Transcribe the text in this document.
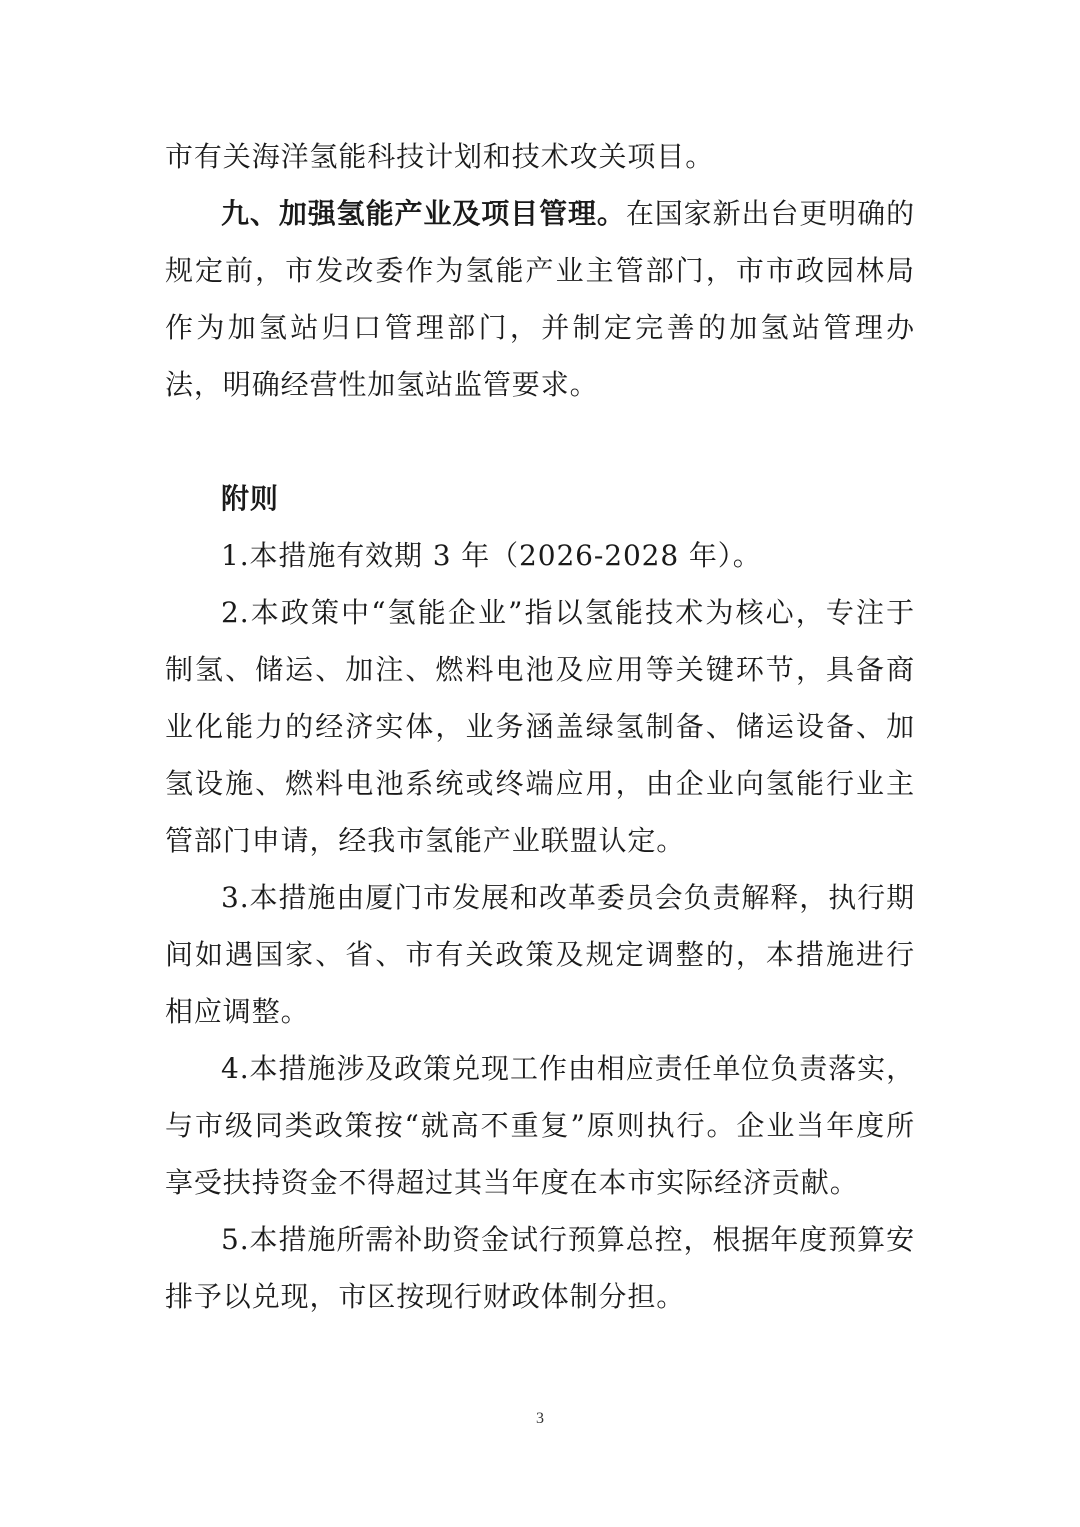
市有关海洋氢能科技计划和技术攻关项目。

九、加强氢能产业及项目管理。在国家新出台更明确的规定前，市发改委作为氢能产业主管部门，市市政园林局作为加氢站归口管理部门，并制定完善的加氢站管理办法，明确经营性加氢站监管要求。

附则

1.本措施有效期 3 年（2026-2028 年）。

2.本政策中“氢能企业”指以氢能技术为核心，专注于制氢、储运、加注、燃料电池及应用等关键环节，具备商业化能力的经济实体，业务涵盖绿氢制备、储运设备、加氢设施、燃料电池系统或终端应用，由企业向氢能行业主管部门申请，经我市氢能产业联盟认定。

3.本措施由厦门市发展和改革委员会负责解释，执行期间如遇国家、省、市有关政策及规定调整的，本措施进行相应调整。

4.本措施涉及政策兑现工作由相应责任单位负责落实，与市级同类政策按“就高不重复”原则执行。企业当年度所享受扶持资金不得超过其当年度在本市实际经济贡献。

5.本措施所需补助资金试行预算总控，根据年度预算安排予以兑现，市区按现行财政体制分担。

3
